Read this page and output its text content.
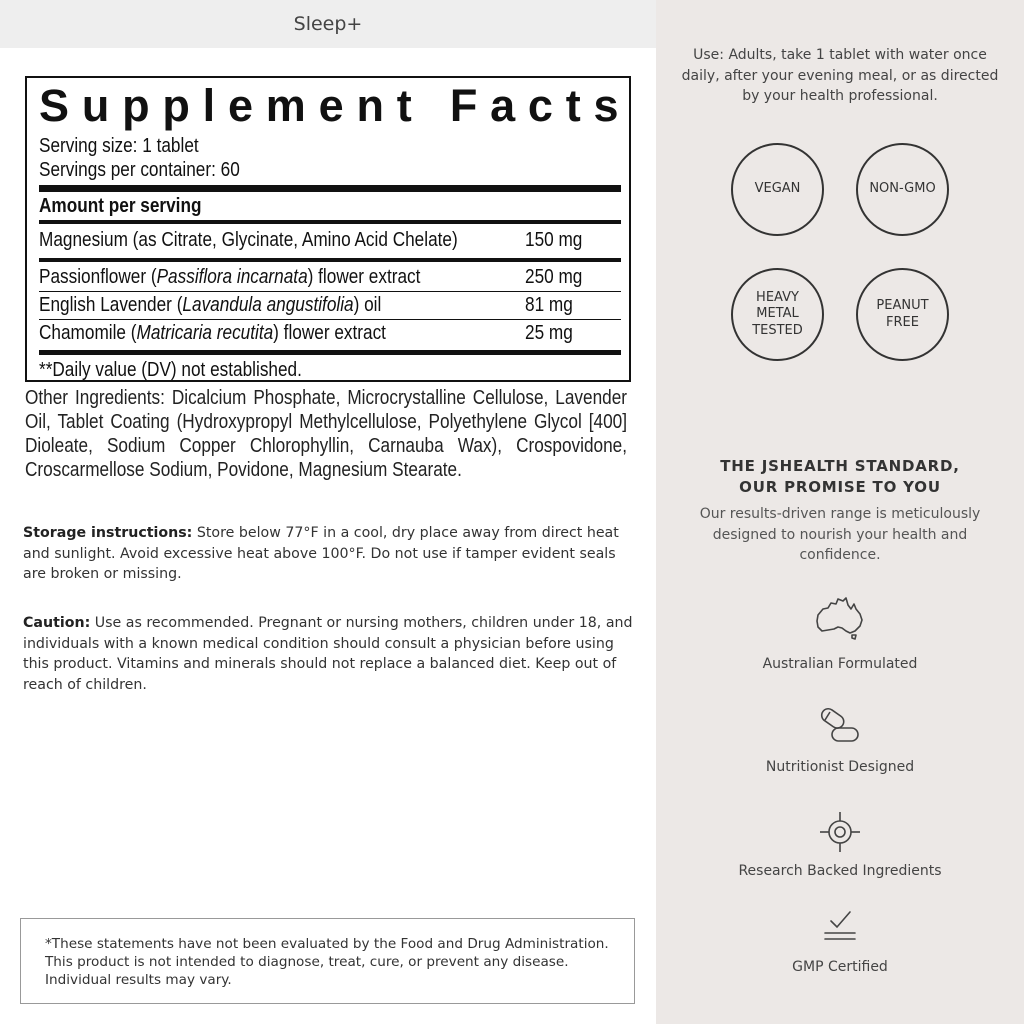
Sleep+
Supplement Facts
Serving size: 1 tablet
Servings per container: 60
Amount per serving
Magnesium (as Citrate, Glycinate, Amino Acid Chelate)	150 mg
Passionflower (Passiflora incarnata) flower extract	250 mg
English Lavender (Lavandula angustifolia) oil	81 mg
Chamomile (Matricaria recutita) flower extract	25 mg
**Daily value (DV) not established.
Other Ingredients: Dicalcium Phosphate, Microcrystalline Cellulose, Lavender Oil, Tablet Coating (Hydroxypropyl Methylcellulose, Polyethylene Glycol [400] Dioleate, Sodium Copper Chlorophyllin, Carnauba Wax), Crospovidone, Croscarmellose Sodium, Povidone, Magnesium Stearate.
Storage instructions: Store below 77°F in a cool, dry place away from direct heat and sunlight. Avoid excessive heat above 100°F. Do not use if tamper evident seals are broken or missing.
Caution: Use as recommended. Pregnant or nursing mothers, children under 18, and individuals with a known medical condition should consult a physician before using this product. Vitamins and minerals should not replace a balanced diet. Keep out of reach of children.
*These statements have not been evaluated by the Food and Drug Administration. This product is not intended to diagnose, treat, cure, or prevent any disease. Individual results may vary.
Use: Adults, take 1 tablet with water once daily, after your evening meal, or as directed by your health professional.
VEGAN	NON-GMO
HEAVY METAL TESTED
PEANUT FREE
THE JSHEALTH STANDARD,
OUR PROMISE TO YOU
Our results-driven range is meticulously designed to nourish your health and confidence.
Australian Formulated
Nutritionist Designed
Research Backed Ingredients
GMP Certified
